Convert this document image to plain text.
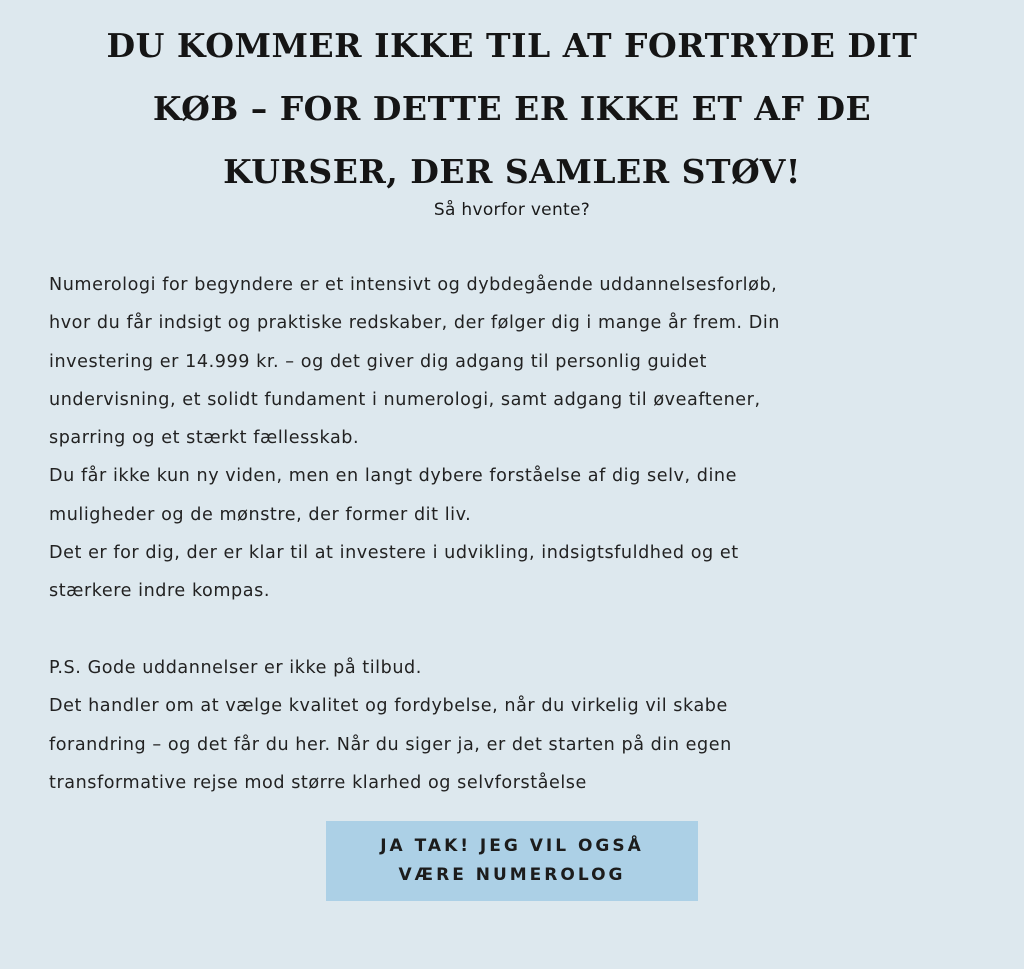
DU KOMMER IKKE TIL AT FORTRYDE DIT
KØB – FOR DETTE ER IKKE ET AF DE
KURSER, DER SAMLER STØV!

Så hvorfor vente?

Numerologi for begyndere er et intensivt og dybdegående uddannelsesforløb,
hvor du får indsigt og praktiske redskaber, der følger dig i mange år frem. Din
investering er 14.999 kr. – og det giver dig adgang til personlig guidet
undervisning, et solidt fundament i numerologi, samt adgang til øveaftener,
sparring og et stærkt fællesskab.

Du får ikke kun ny viden, men en langt dybere forståelse af dig selv, dine
muligheder og de mønstre, der former dit liv.

Det er for dig, der er klar til at investere i udvikling, indsigtsfuldhed og et
stærkere indre kompas.

P.S. Gode uddannelser er ikke på tilbud.
Det handler om at vælge kvalitet og fordybelse, når du virkelig vil skabe
forandring – og det får du her. Når du siger ja, er det starten på din egen
transformative rejse mod større klarhed og selvforståelse

JA TAK! JEG VIL OGSÅ
VÆRE NUMEROLOG
